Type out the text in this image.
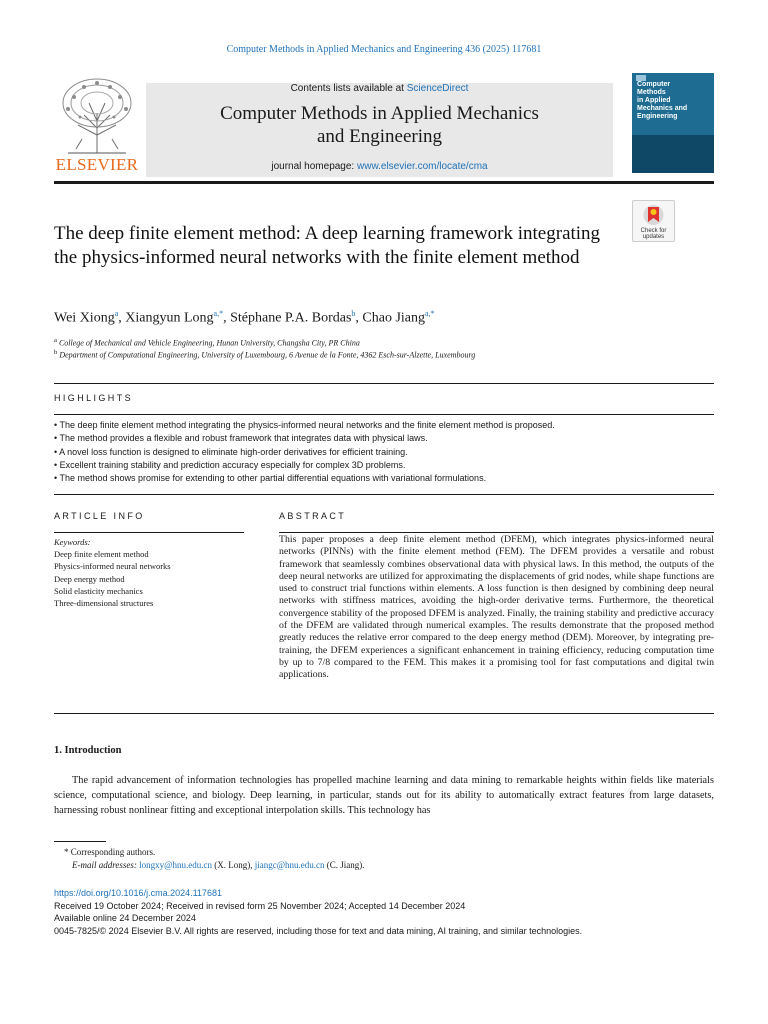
Computer Methods in Applied Mechanics and Engineering 436 (2025) 117681
ELSEVIER
Contents lists available at ScienceDirect
Computer Methods in Applied Mechanics
and Engineering
journal homepage: www.elsevier.com/locate/cma
Computer
Methods
in Applied
Mechanics and
Engineering
Check for
updates
The deep finite element method: A deep learning framework integrating the physics-informed neural networks with the finite element method
Wei Xiong$^a$, Xiangyun Long$^{a,*}$, Stéphane P.A. Bordas$^b$, Chao Jiang$^{a,*}$
$^a$ College of Mechanical and Vehicle Engineering, Hunan University, Changsha City, PR China
$^b$ Department of Computational Engineering, University of Luxembourg, 6 Avenue de la Fonte, 4362 Esch-sur-Alzette, Luxembourg
HIGHLIGHTS
• The deep finite element method integrating the physics-informed neural networks and the finite element method is proposed.
• The method provides a flexible and robust framework that integrates data with physical laws.
• A novel loss function is designed to eliminate high-order derivatives for efficient training.
• Excellent training stability and prediction accuracy especially for complex 3D problems.
• The method shows promise for extending to other partial differential equations with variational formulations.
ARTICLE INFO
Keywords:
Deep finite element method
Physics-informed neural networks
Deep energy method
Solid elasticity mechanics
Three-dimensional structures
ABSTRACT
This paper proposes a deep finite element method (DFEM), which integrates physics-informed neural networks (PINNs) with the finite element method (FEM). The DFEM provides a versatile and robust framework that seamlessly combines observational data with physical laws. In this method, the outputs of the deep neural networks are utilized for approximating the displacements of grid nodes, while shape functions are used to construct trial functions within elements. A loss function is then designed by combining deep neural networks with stiffness matrices, avoiding the high-order derivative terms. Furthermore, the theoretical convergence stability of the proposed DFEM is analyzed. Finally, the training stability and predictive accuracy of the DFEM are validated through numerical examples. The results demonstrate that the proposed method greatly reduces the relative error compared to the deep energy method (DEM). Moreover, by integrating pre-training, the DFEM experiences a significant enhancement in training efficiency, reducing computation time by up to 7/8 compared to the FEM. This makes it a promising tool for fast computations and digital twin applications.
1. Introduction
The rapid advancement of information technologies has propelled machine learning and data mining to remarkable heights within fields like materials science, computational science, and biology. Deep learning, in particular, stands out for its ability to automatically extract features from large datasets, harnessing robust nonlinear fitting and exceptional interpolation skills. This technology has
* Corresponding authors.
E-mail addresses: longxy@hnu.edu.cn (X. Long), jiangc@hnu.edu.cn (C. Jiang).
https://doi.org/10.1016/j.cma.2024.117681
Received 19 October 2024; Received in revised form 25 November 2024; Accepted 14 December 2024
Available online 24 December 2024
0045-7825/© 2024 Elsevier B.V. All rights are reserved, including those for text and data mining, AI training, and similar technologies.
